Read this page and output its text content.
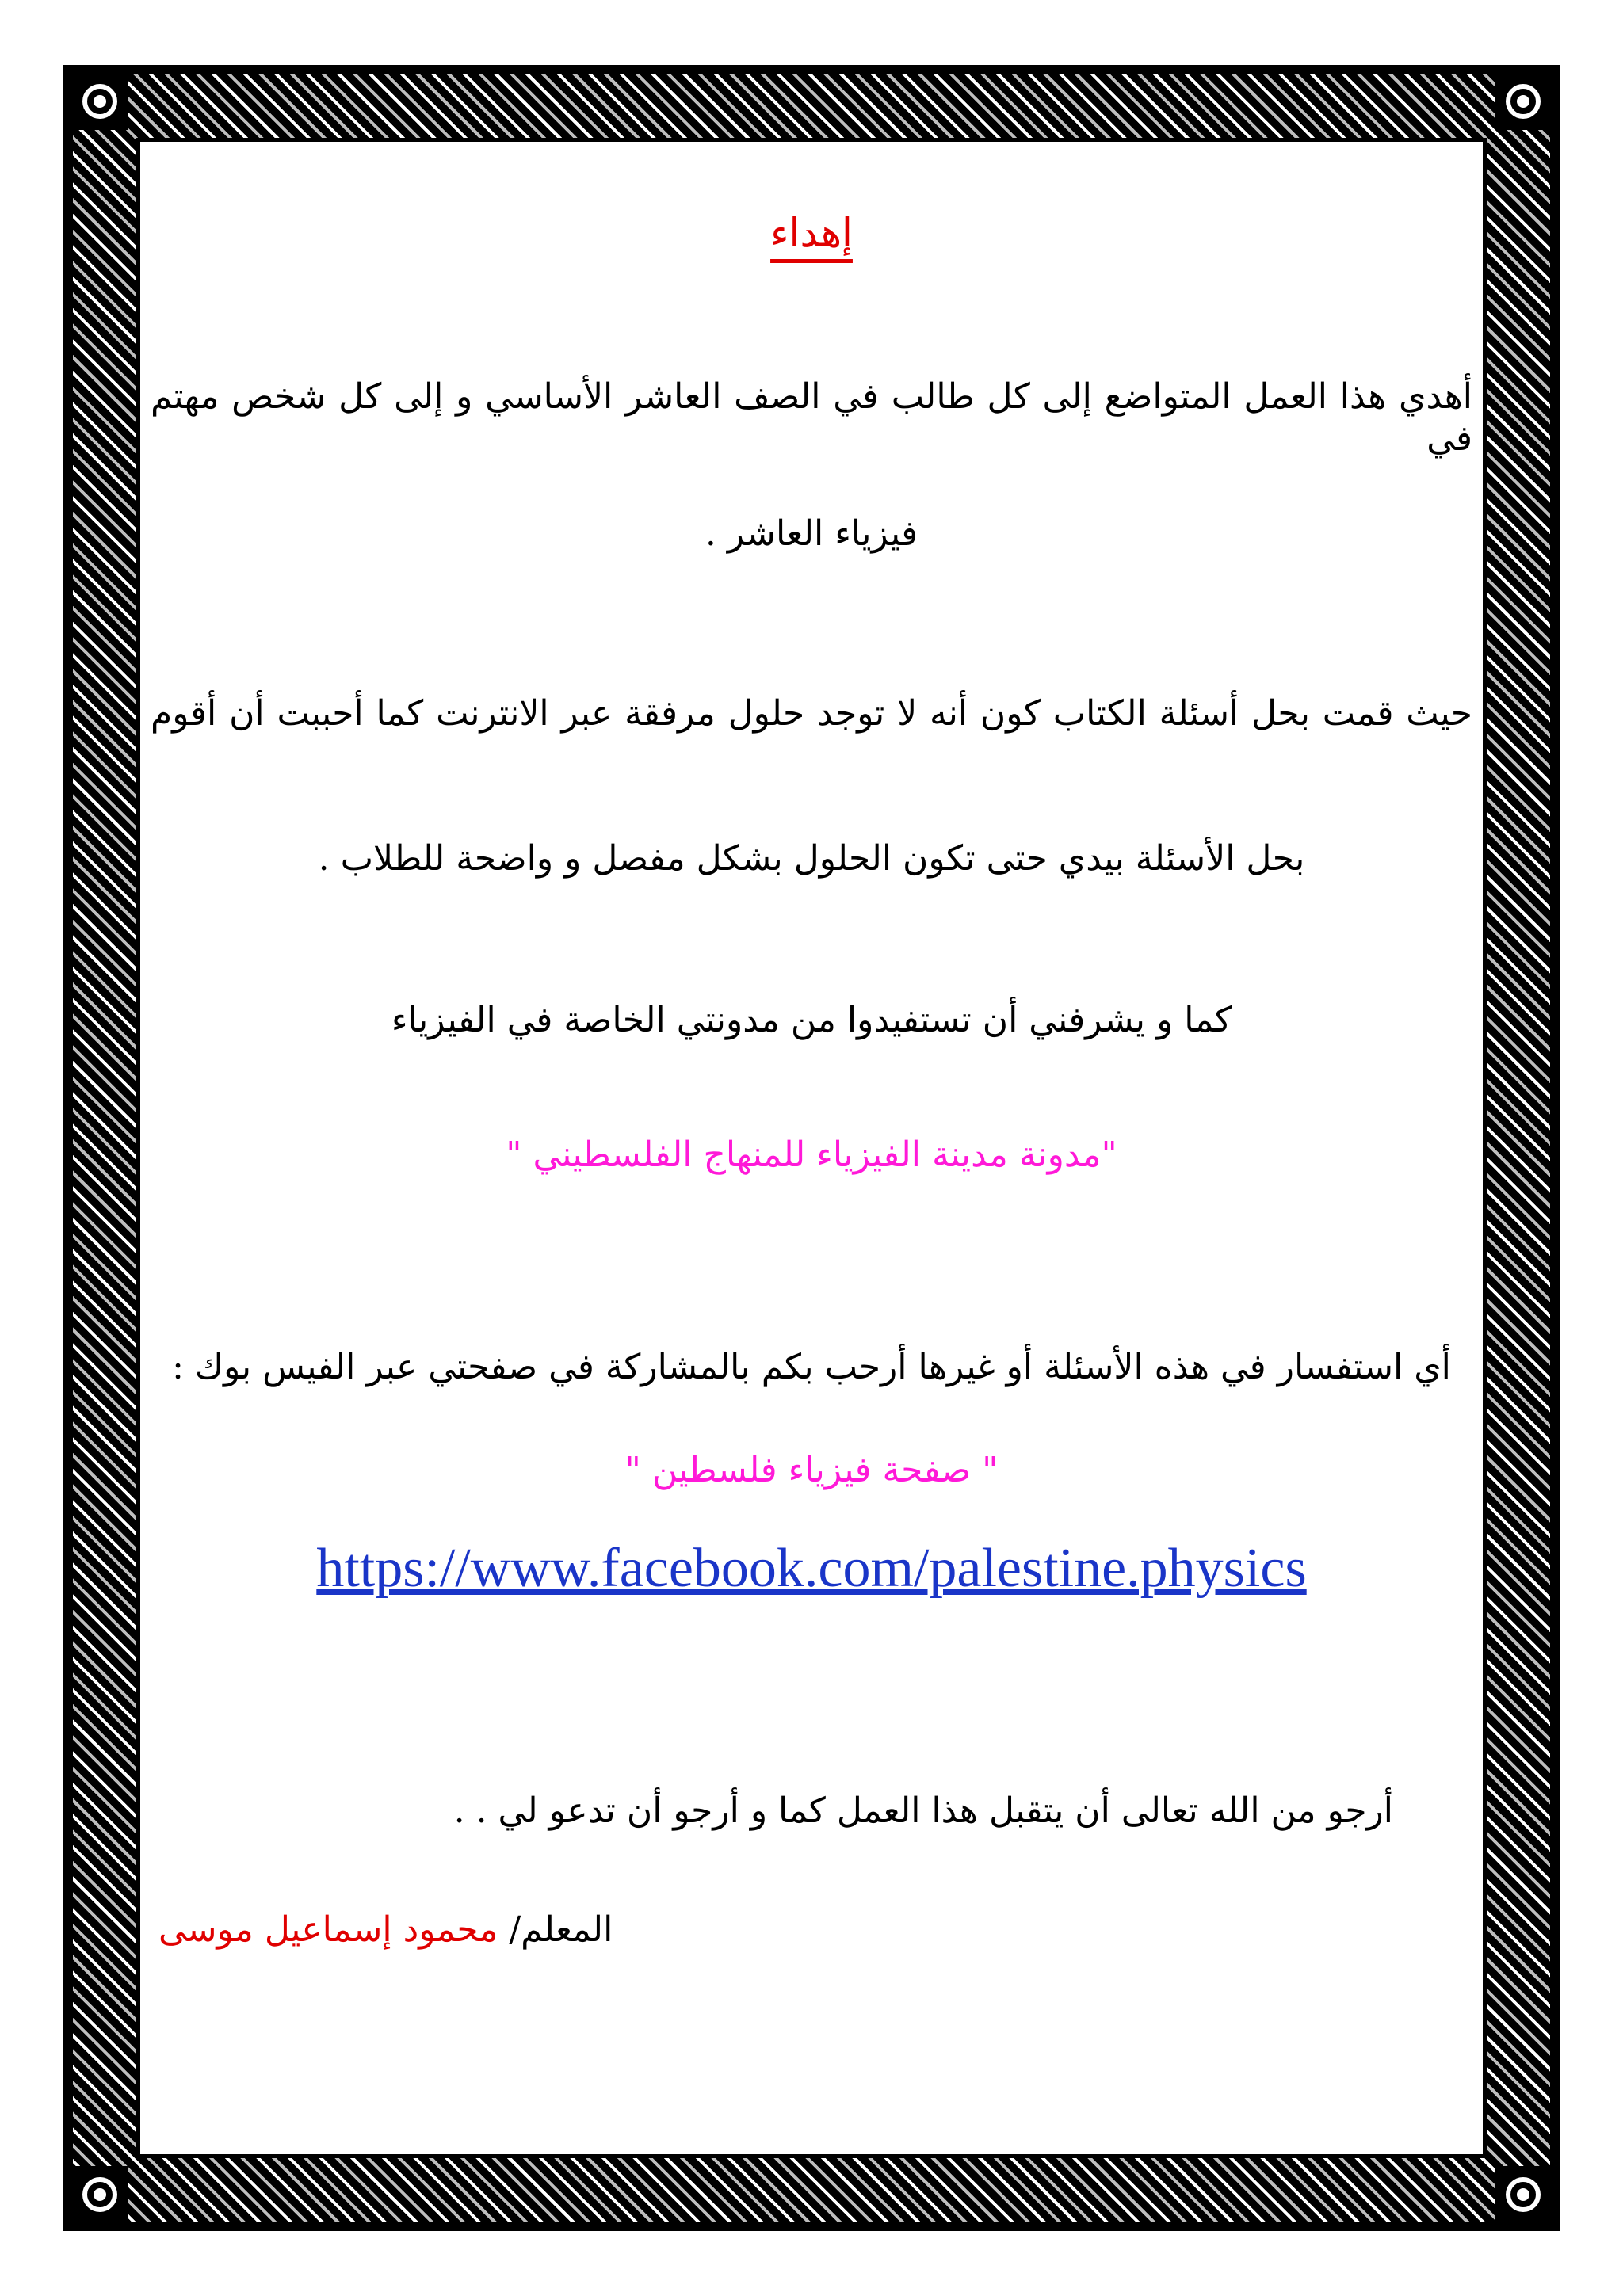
إهداء
أهدي هذا العمل المتواضع إلى كل طالب في الصف العاشر الأساسي و إلى كل شخص مهتم في
فيزياء العاشر .
حيث قمت بحل أسئلة الكتاب كون أنه لا توجد حلول مرفقة عبر الانترنت كما أحببت أن أقوم
بحل الأسئلة بيدي حتى تكون الحلول بشكل مفصل و واضحة للطلاب .
كما و يشرفني أن تستفيدوا من مدونتي الخاصة في الفيزياء
"مدونة مدينة الفيزياء للمنهاج الفلسطيني "
أي استفسار في هذه الأسئلة أو غيرها أرحب بكم بالمشاركة في صفحتي عبر الفيس بوك :
" صفحة فيزياء فلسطين "
https://www.facebook.com/palestine.physics
أرجو من الله تعالى أن يتقبل هذا العمل كما و أرجو أن تدعو لي . .
المعلم/ محمود إسماعيل موسى
